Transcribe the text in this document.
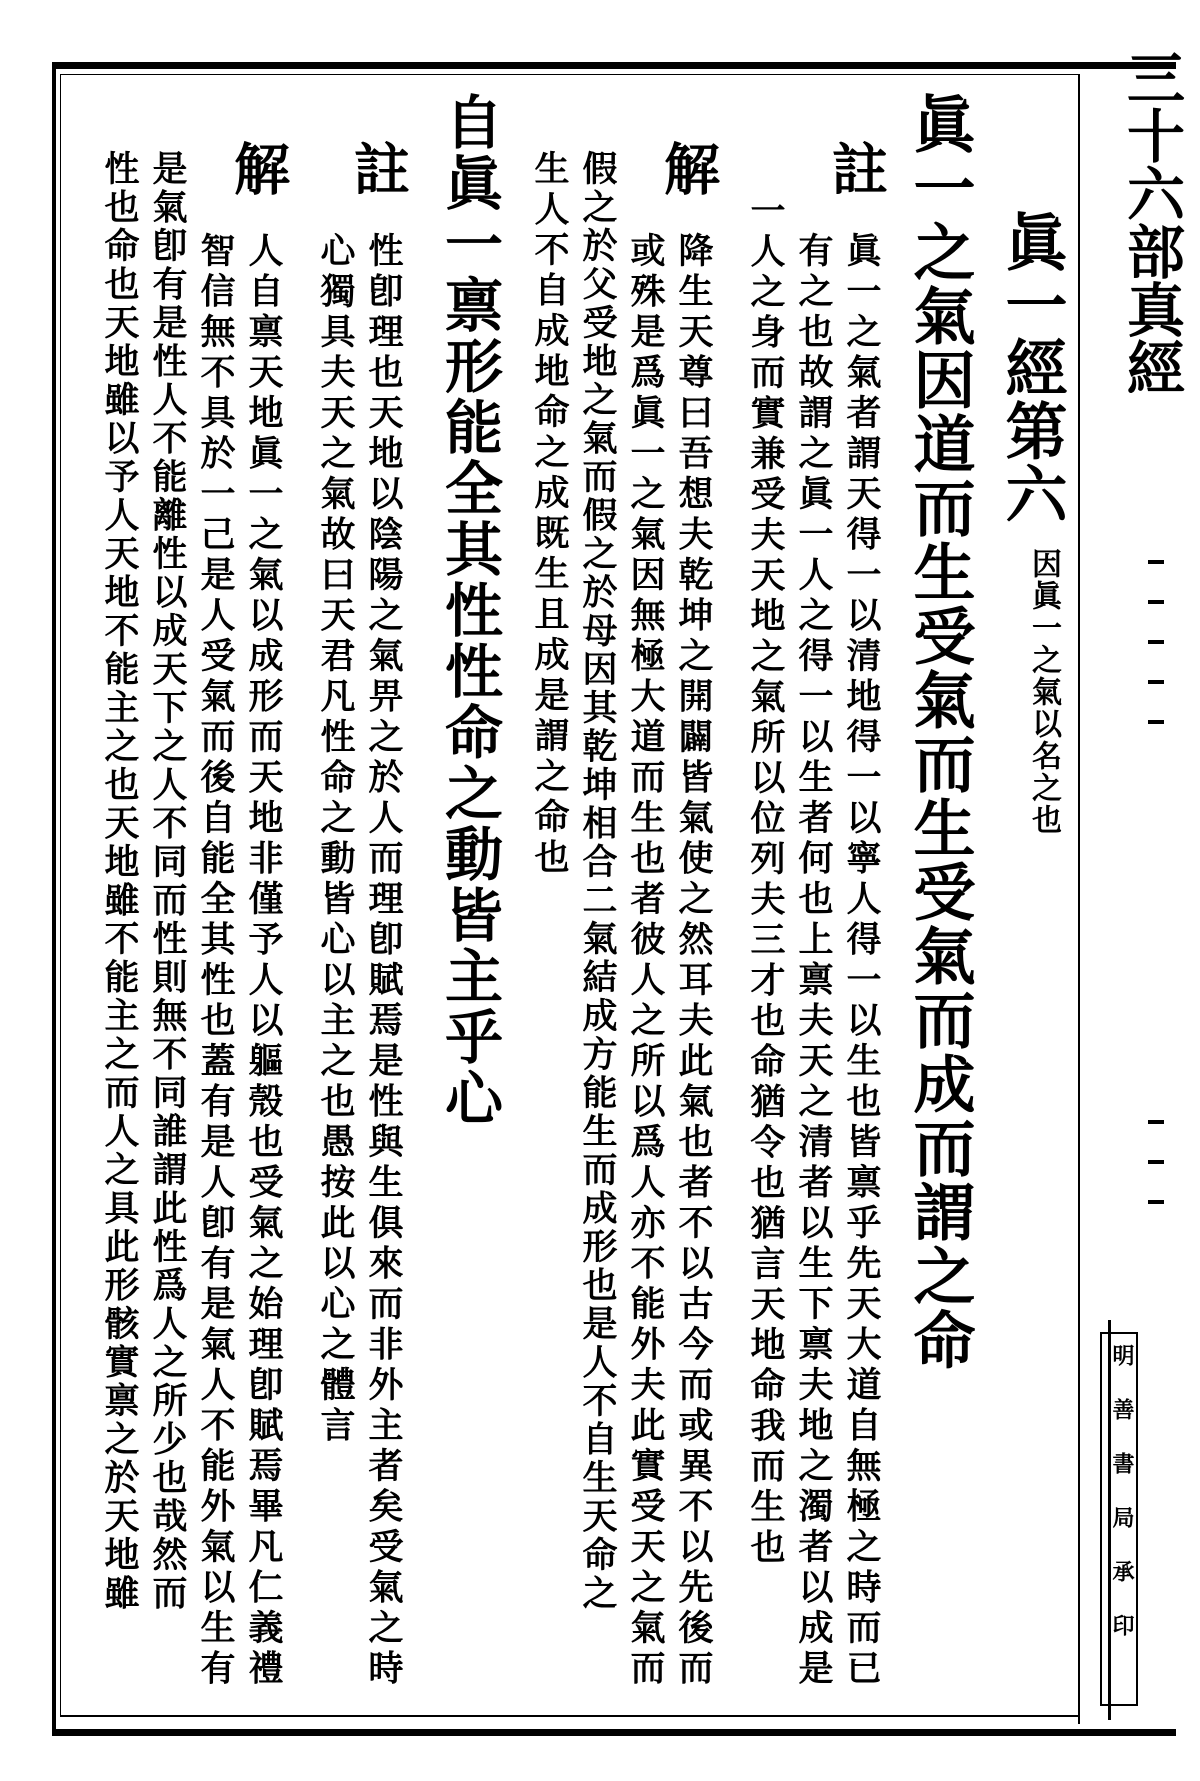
三十六部真經
明善書局承印
眞一經第六
因眞一之氣以名之也
眞一之氣因道而生受氣而生受氣而成而謂之命
註
眞一之氣者謂天得一以清地得一以寧人得一以生也皆禀乎先天大道自無極之時而已
有之也故謂之眞一人之得一以生者何也上禀夫天之清者以生下禀夫地之濁者以成是
一人之身而實兼受夫天地之氣所以位列夫三才也命猶令也猶言天地命我而生也
解
降生天尊曰吾想夫乾坤之開闢皆氣使之然耳夫此氣也者不以古今而或異不以先後而
或殊是爲眞一之氣因無極大道而生也者彼人之所以爲人亦不能外夫此實受天之氣而
假之於父受地之氣而假之於母因其乾坤相合二氣結成方能生而成形也是人不自生天命之
生人不自成地命之成既生且成是謂之命也
自眞一禀形能全其性性命之動皆主乎心
註
性卽理也天地以陰陽之氣畀之於人而理卽賦焉是性與生俱來而非外主者矣受氣之時
心獨具夫天之氣故曰天君凡性命之動皆心以主之也愚按此以心之體言
解
人自禀天地眞一之氣以成形而天地非僅予人以軀殼也受氣之始理卽賦焉畢凡仁義禮
智信無不具於一己是人受氣而後自能全其性也蓋有是人卽有是氣人不能外氣以生有
是氣卽有是性人不能離性以成天下之人不同而性則無不同誰謂此性爲人之所少也哉然而
性也命也天地雖以予人天地不能主之也天地雖不能主之而人之具此形骸實禀之於天地雖
